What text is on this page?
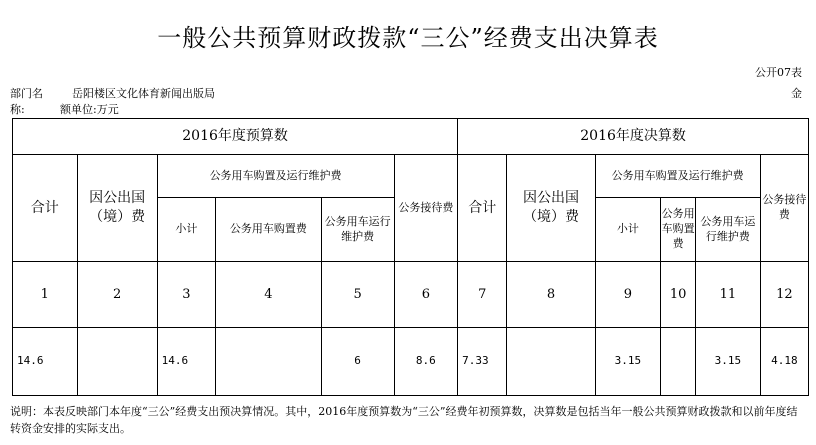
一般公共预算财政拨款“三公”经费支出决算表
公开07表
部门名	岳阳楼区文化体育新闻出版局
称:	额单位:万元
金
2016年度预算数						2016年度决算数					
合计	因公出国（境）费	公务用车购置及运行维护费			公务接待费	合计	因公出国（境）费	公务用车购置及运行维护费			公务接待费
		小计	公务用车购置费	公务用车运行维护费				小计	公务用车购置费	公务用车运行维护费	
1	2	3	4	5	6	7	8	9	10	11	12
14.6		14.6		6	8.6	7.33		3.15		3.15	4.18
说明：本表反映部门本年度“三公”经费支出预决算情况。其中，2016年度预算数为“三公”经费年初预算数，决算数是包括当年一般公共预算财政拨款和以前年度结转资金安排的实际支出。
